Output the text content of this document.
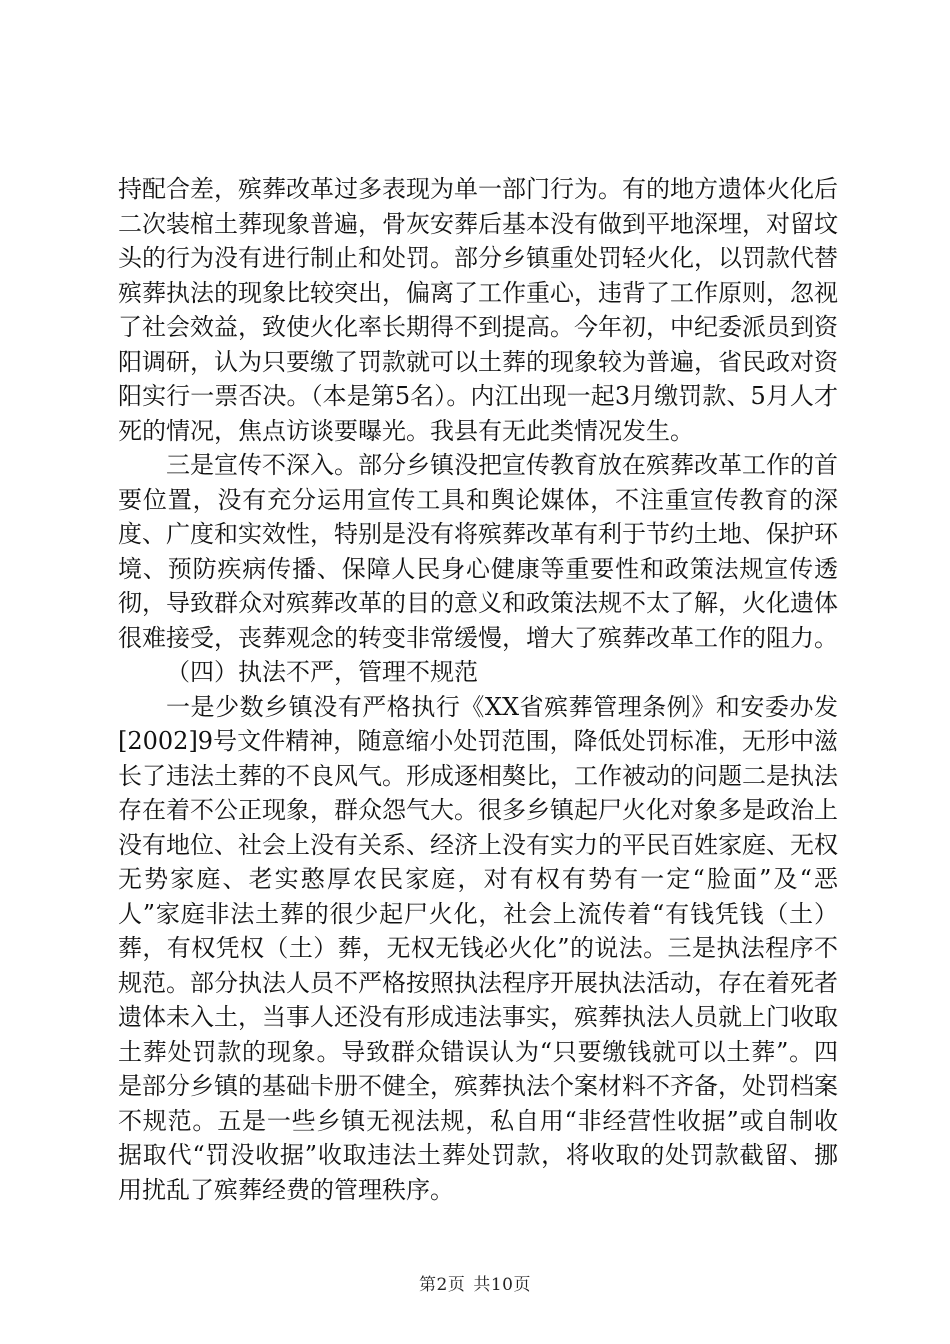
持配合差，殡葬改革过多表现为单一部门行为。有的地方遗体火化后二次装棺土葬现象普遍，骨灰安葬后基本没有做到平地深埋，对留坟头的行为没有进行制止和处罚。部分乡镇重处罚轻火化，以罚款代替殡葬执法的现象比较突出，偏离了工作重心，违背了工作原则，忽视了社会效益，致使火化率长期得不到提高。今年初，中纪委派员到资阳调研，认为只要缴了罚款就可以土葬的现象较为普遍，省民政对资阳实行一票否决。（本是第5名）。内江出现一起3月缴罚款、5月人才死的情况，焦点访谈要曝光。我县有无此类情况发生。

三是宣传不深入。部分乡镇没把宣传教育放在殡葬改革工作的首要位置，没有充分运用宣传工具和舆论媒体，不注重宣传教育的深度、广度和实效性，特别是没有将殡葬改革有利于节约土地、保护环境、预防疾病传播、保障人民身心健康等重要性和政策法规宣传透彻，导致群众对殡葬改革的目的意义和政策法规不太了解，火化遗体很难接受，丧葬观念的转变非常缓慢，增大了殡葬改革工作的阻力。

（四）执法不严，管理不规范

一是少数乡镇没有严格执行《XX省殡葬管理条例》和安委办发[2002]9号文件精神，随意缩小处罚范围，降低处罚标准，无形中滋长了违法土葬的不良风气。形成逐相獒比，工作被动的问题二是执法存在着不公正现象，群众怨气大。很多乡镇起尸火化对象多是政治上没有地位、社会上没有关系、经济上没有实力的平民百姓家庭、无权无势家庭、老实憨厚农民家庭，对有权有势有一定“脸面”及“恶人”家庭非法土葬的很少起尸火化，社会上流传着“有钱凭钱（土）葬，有权凭权（土）葬，无权无钱必火化”的说法。三是执法程序不规范。部分执法人员不严格按照执法程序开展执法活动，存在着死者遗体未入土，当事人还没有形成违法事实，殡葬执法人员就上门收取土葬处罚款的现象。导致群众错误认为“只要缴钱就可以土葬”。四是部分乡镇的基础卡册不健全，殡葬执法个案材料不齐备，处罚档案不规范。五是一些乡镇无视法规，私自用“非经营性收据”或自制收据取代“罚没收据”收取违法土葬处罚款，将收取的处罚款截留、挪用扰乱了殡葬经费的管理秩序。

第2页 共10页
